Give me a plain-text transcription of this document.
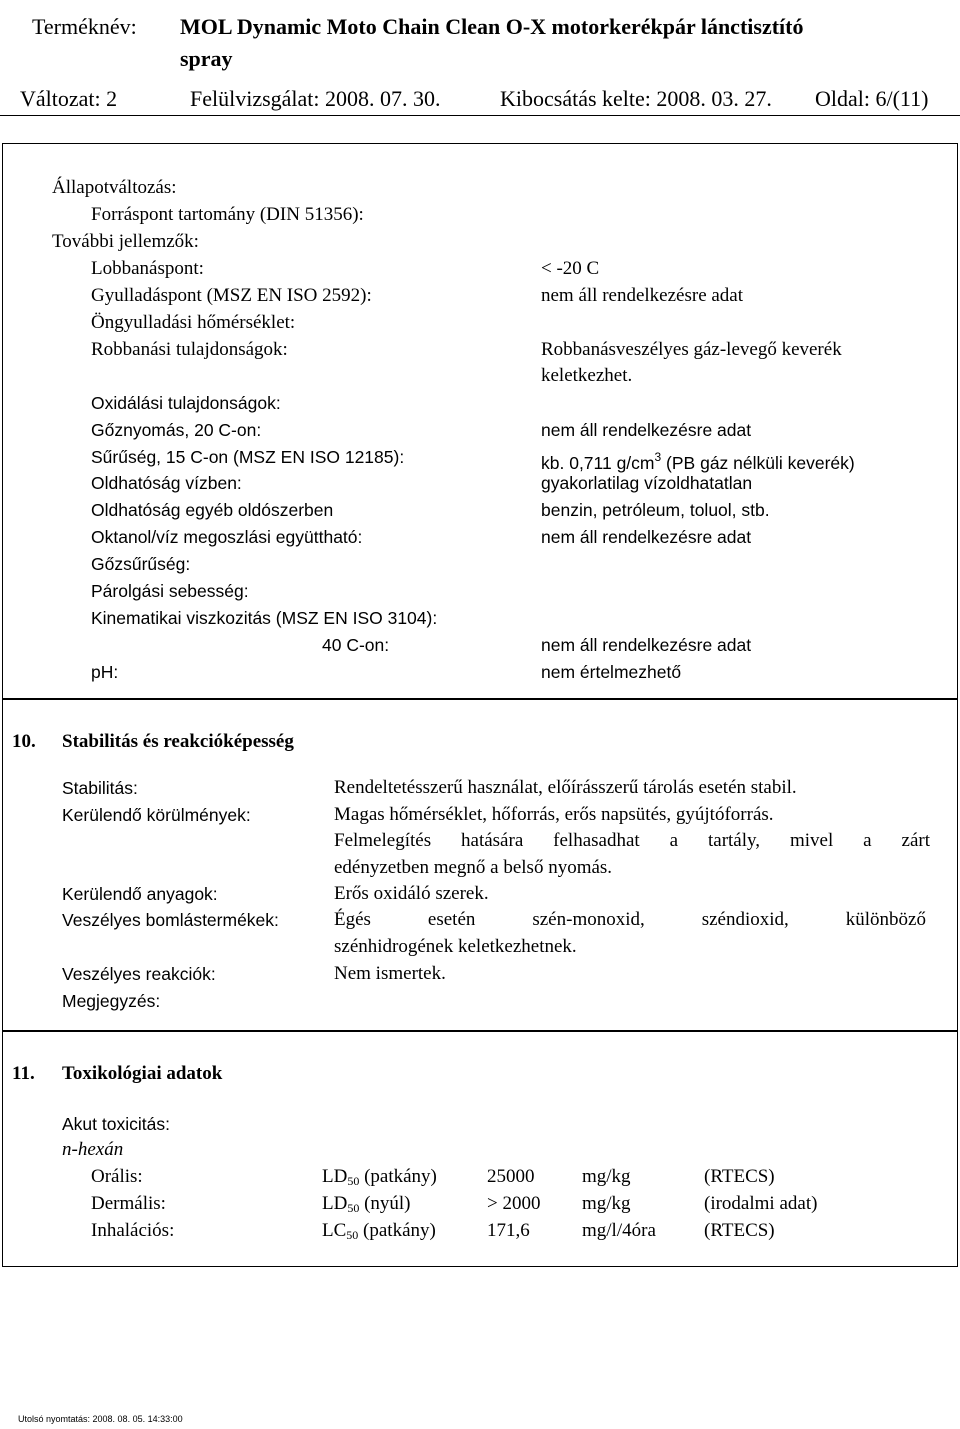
Terméknév: MOL Dynamic Moto Chain Clean O-X motorkerékpár lánctisztító
spray
Változat: 2	Felülvizsgálat: 2008. 07. 30.	Kibocsátás kelte: 2008. 03. 27. Oldal: 6/(11)
Állapotváltozás:
Forráspont tartomány (DIN 51356):
További jellemzők:
Lobbanáspont:	< -20 C
Gyulladáspont (MSZ EN ISO 2592):	nem áll rendelkezésre adat
Öngyulladási hőmérséklet:
Robbanási tulajdonságok:	Robbanásveszélyes gáz-levegő keverék
keletkezhet.
Oxidálási tulajdonságok:
Gőznyomás, 20 C-on:	nem áll rendelkezésre adat
Sűrűség, 15 C-on (MSZ EN ISO 12185):	kb. 0,711 $g/cm^3$ (PB gáz nélküli keverék)
Oldhatóság vízben:	gyakorlatilag vízoldhatatlan
Oldhatóság egyéb oldószerben	benzin, petróleum, toluol, stb.
Oktanol/víz megoszlási együttható:	nem áll rendelkezésre adat
Gőzsűrűség:
Párolgási sebesség:
Kinematikai viszkozitás (MSZ EN ISO 3104):
40 C-on:	nem áll rendelkezésre adat
pH:	nem értelmezhető
10. Stabilitás és reakcióképesség
Stabilitás:	Rendeltetésszerű használat, előírásszerű tárolás esetén stabil.
Kerülendő körülmények:	Magas hőmérséklet, hőforrás, erős napsütés, gyújtóforrás.
Felmelegítés hatására felhasadhat a tartály, mivel a zárt
edényzetben megnő a belső nyomás.
Kerülendő anyagok:	Erős oxidáló szerek.
Veszélyes bomlástermékek:	Égés esetén szén-monoxid, széndioxid, különböző
szénhidrogének keletkezhetnek.
Veszélyes reakciók:	Nem ismertek.
Megjegyzés:
11. Toxikológiai adatok
Akut toxicitás:
n-hexán
Orális:	$LD_{50}$ (patkány)	25000	mg/kg	(RTECS)
Dermális:	$LD_{50}$ (nyúl)	> 2000 mg/kg	(irodalmi adat)
Inhalációs:	$LC_{50}$ (patkány)	171,6	mg/l/4óra	(RTECS)
Utolsó nyomtatás: 2008. 08. 05. 14:33:00
